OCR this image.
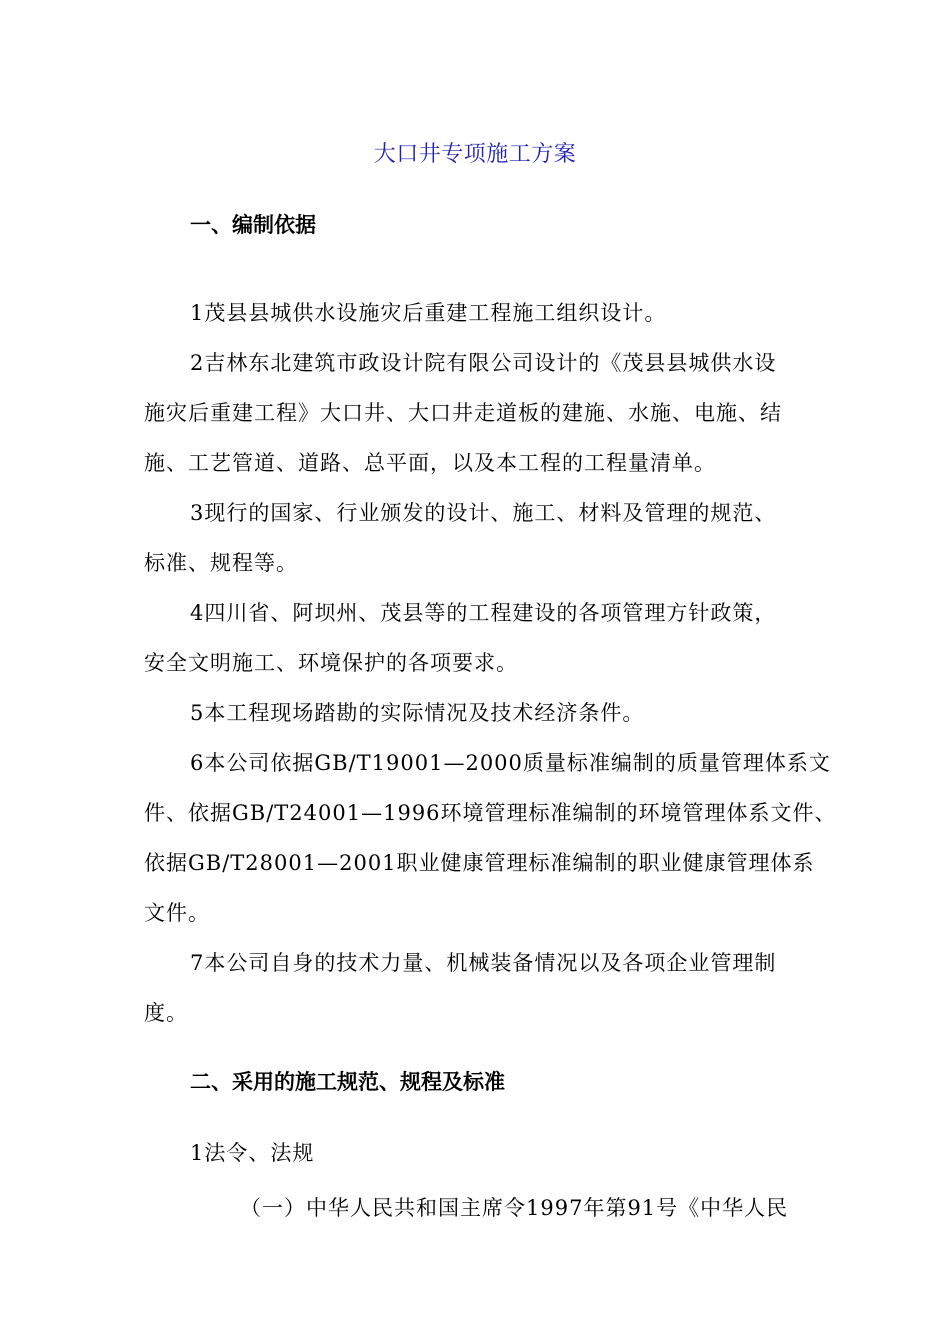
大口井专项施工方案
一、编制依据
1茂县县城供水设施灾后重建工程施工组织设计。
2吉林东北建筑市政设计院有限公司设计的《茂县县城供水设
施灾后重建工程》大口井、大口井走道板的建施、水施、电施、结
施、工艺管道、道路、总平面，以及本工程的工程量清单。
3现行的国家、行业颁发的设计、施工、材料及管理的规范、
标准、规程等。
4四川省、阿坝州、茂县等的工程建设的各项管理方针政策，
安全文明施工、环境保护的各项要求。
5本工程现场踏勘的实际情况及技术经济条件。
6本公司依据GB/T19001—2000质量标准编制的质量管理体系文
件、依据GB/T24001—1996环境管理标准编制的环境管理体系文件、
依据GB/T28001—2001职业健康管理标准编制的职业健康管理体系
文件。
7本公司自身的技术力量、机械装备情况以及各项企业管理制
度。
二、采用的施工规范、规程及标准
1法令、法规
（一）中华人民共和国主席令1997年第91号《中华人民
